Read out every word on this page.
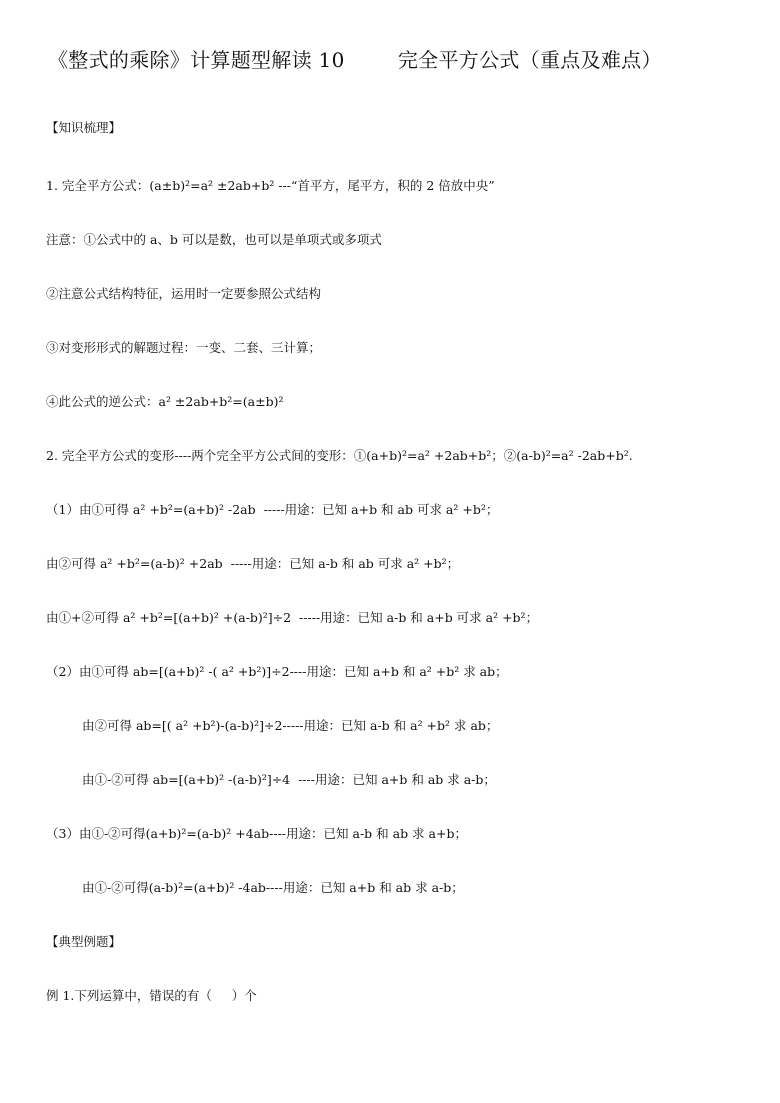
《整式的乘除》计算题型解读 10        完全平方公式（重点及难点）
【知识梳理】
1. 完全平方公式：(a±b)²=a² ±2ab+b² ---“首平方，尾平方，积的 2 倍放中央”
注意：①公式中的 a、b 可以是数，也可以是单项式或多项式
②注意公式结构特征，运用时一定要参照公式结构
③对变形形式的解题过程：一变、二套、三计算；
④此公式的逆公式：a² ±2ab+b²=(a±b)²
2. 完全平方公式的变形----两个完全平方公式间的变形：①(a+b)²=a² +2ab+b²；②(a-b)²=a² -2ab+b².
（1）由①可得 a² +b²=(a+b)² -2ab  -----用途：已知 a+b 和 ab 可求 a² +b²；
由②可得 a² +b²=(a-b)² +2ab  -----用途：已知 a-b 和 ab 可求 a² +b²；
由①+②可得 a² +b²=[(a+b)² +(a-b)²]÷2  -----用途：已知 a-b 和 a+b 可求 a² +b²；
（2）由①可得 ab=[(a+b)² -( a² +b²)]÷2----用途：已知 a+b 和 a² +b² 求 ab；
由②可得 ab=[( a² +b²)-(a-b)²]÷2-----用途：已知 a-b 和 a² +b² 求 ab；
由①-②可得 ab=[(a+b)² -(a-b)²]÷4  ----用途：已知 a+b 和 ab 求 a-b；
（3）由①-②可得(a+b)²=(a-b)² +4ab----用途：已知 a-b 和 ab 求 a+b；
由①-②可得(a-b)²=(a+b)² -4ab----用途：已知 a+b 和 ab 求 a-b；
【典型例题】
例 1.下列运算中，错误的有（     ）个
